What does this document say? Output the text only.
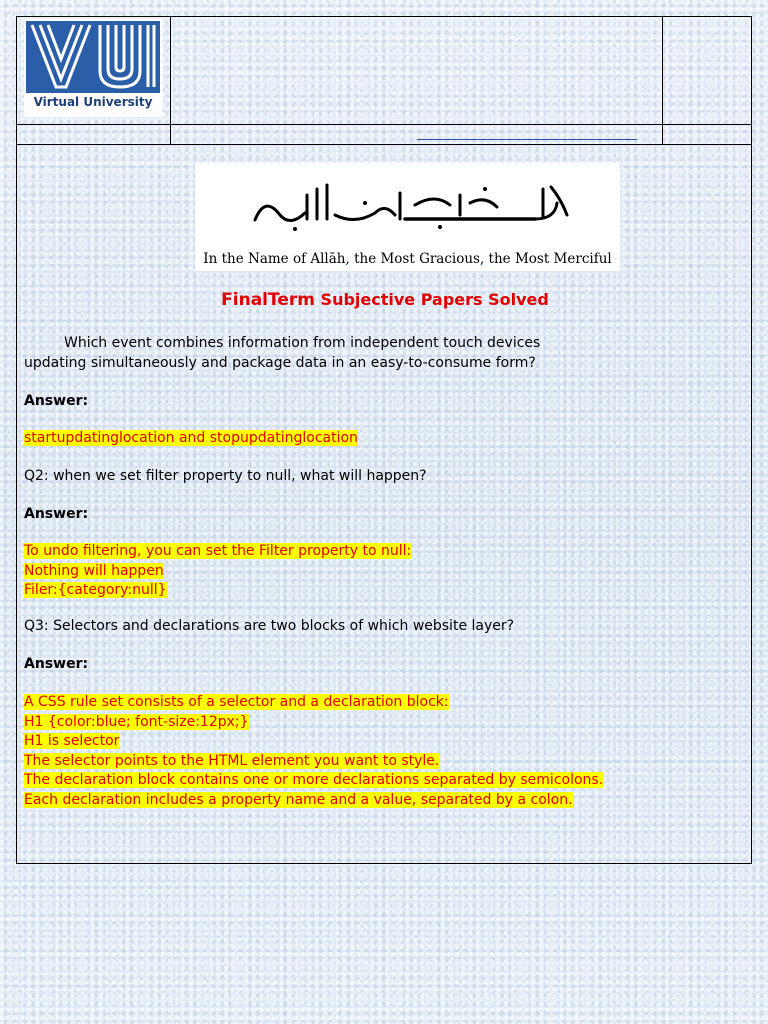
Virtual University
In the Name of Allāh, the Most Gracious, the Most Merciful
FinalTerm Subjective Papers Solved
Which event combines information from independent touch devices
updating simultaneously and package data in an easy-to-consume form?
Answer:
startupdatinglocation and stopupdatinglocation
Q2: when we set filter property to null, what will happen?
Answer:
To undo filtering, you can set the Filter property to null:
Nothing will happen
Filer:{category:null}
Q3: Selectors and declarations are two blocks of which website layer?
Answer:
A CSS rule set consists of a selector and a declaration block:
H1 {color:blue; font-size:12px;}
H1 is selector
The selector points to the HTML element you want to style.
The declaration block contains one or more declarations separated by semicolons.
Each declaration includes a property name and a value, separated by a colon.
